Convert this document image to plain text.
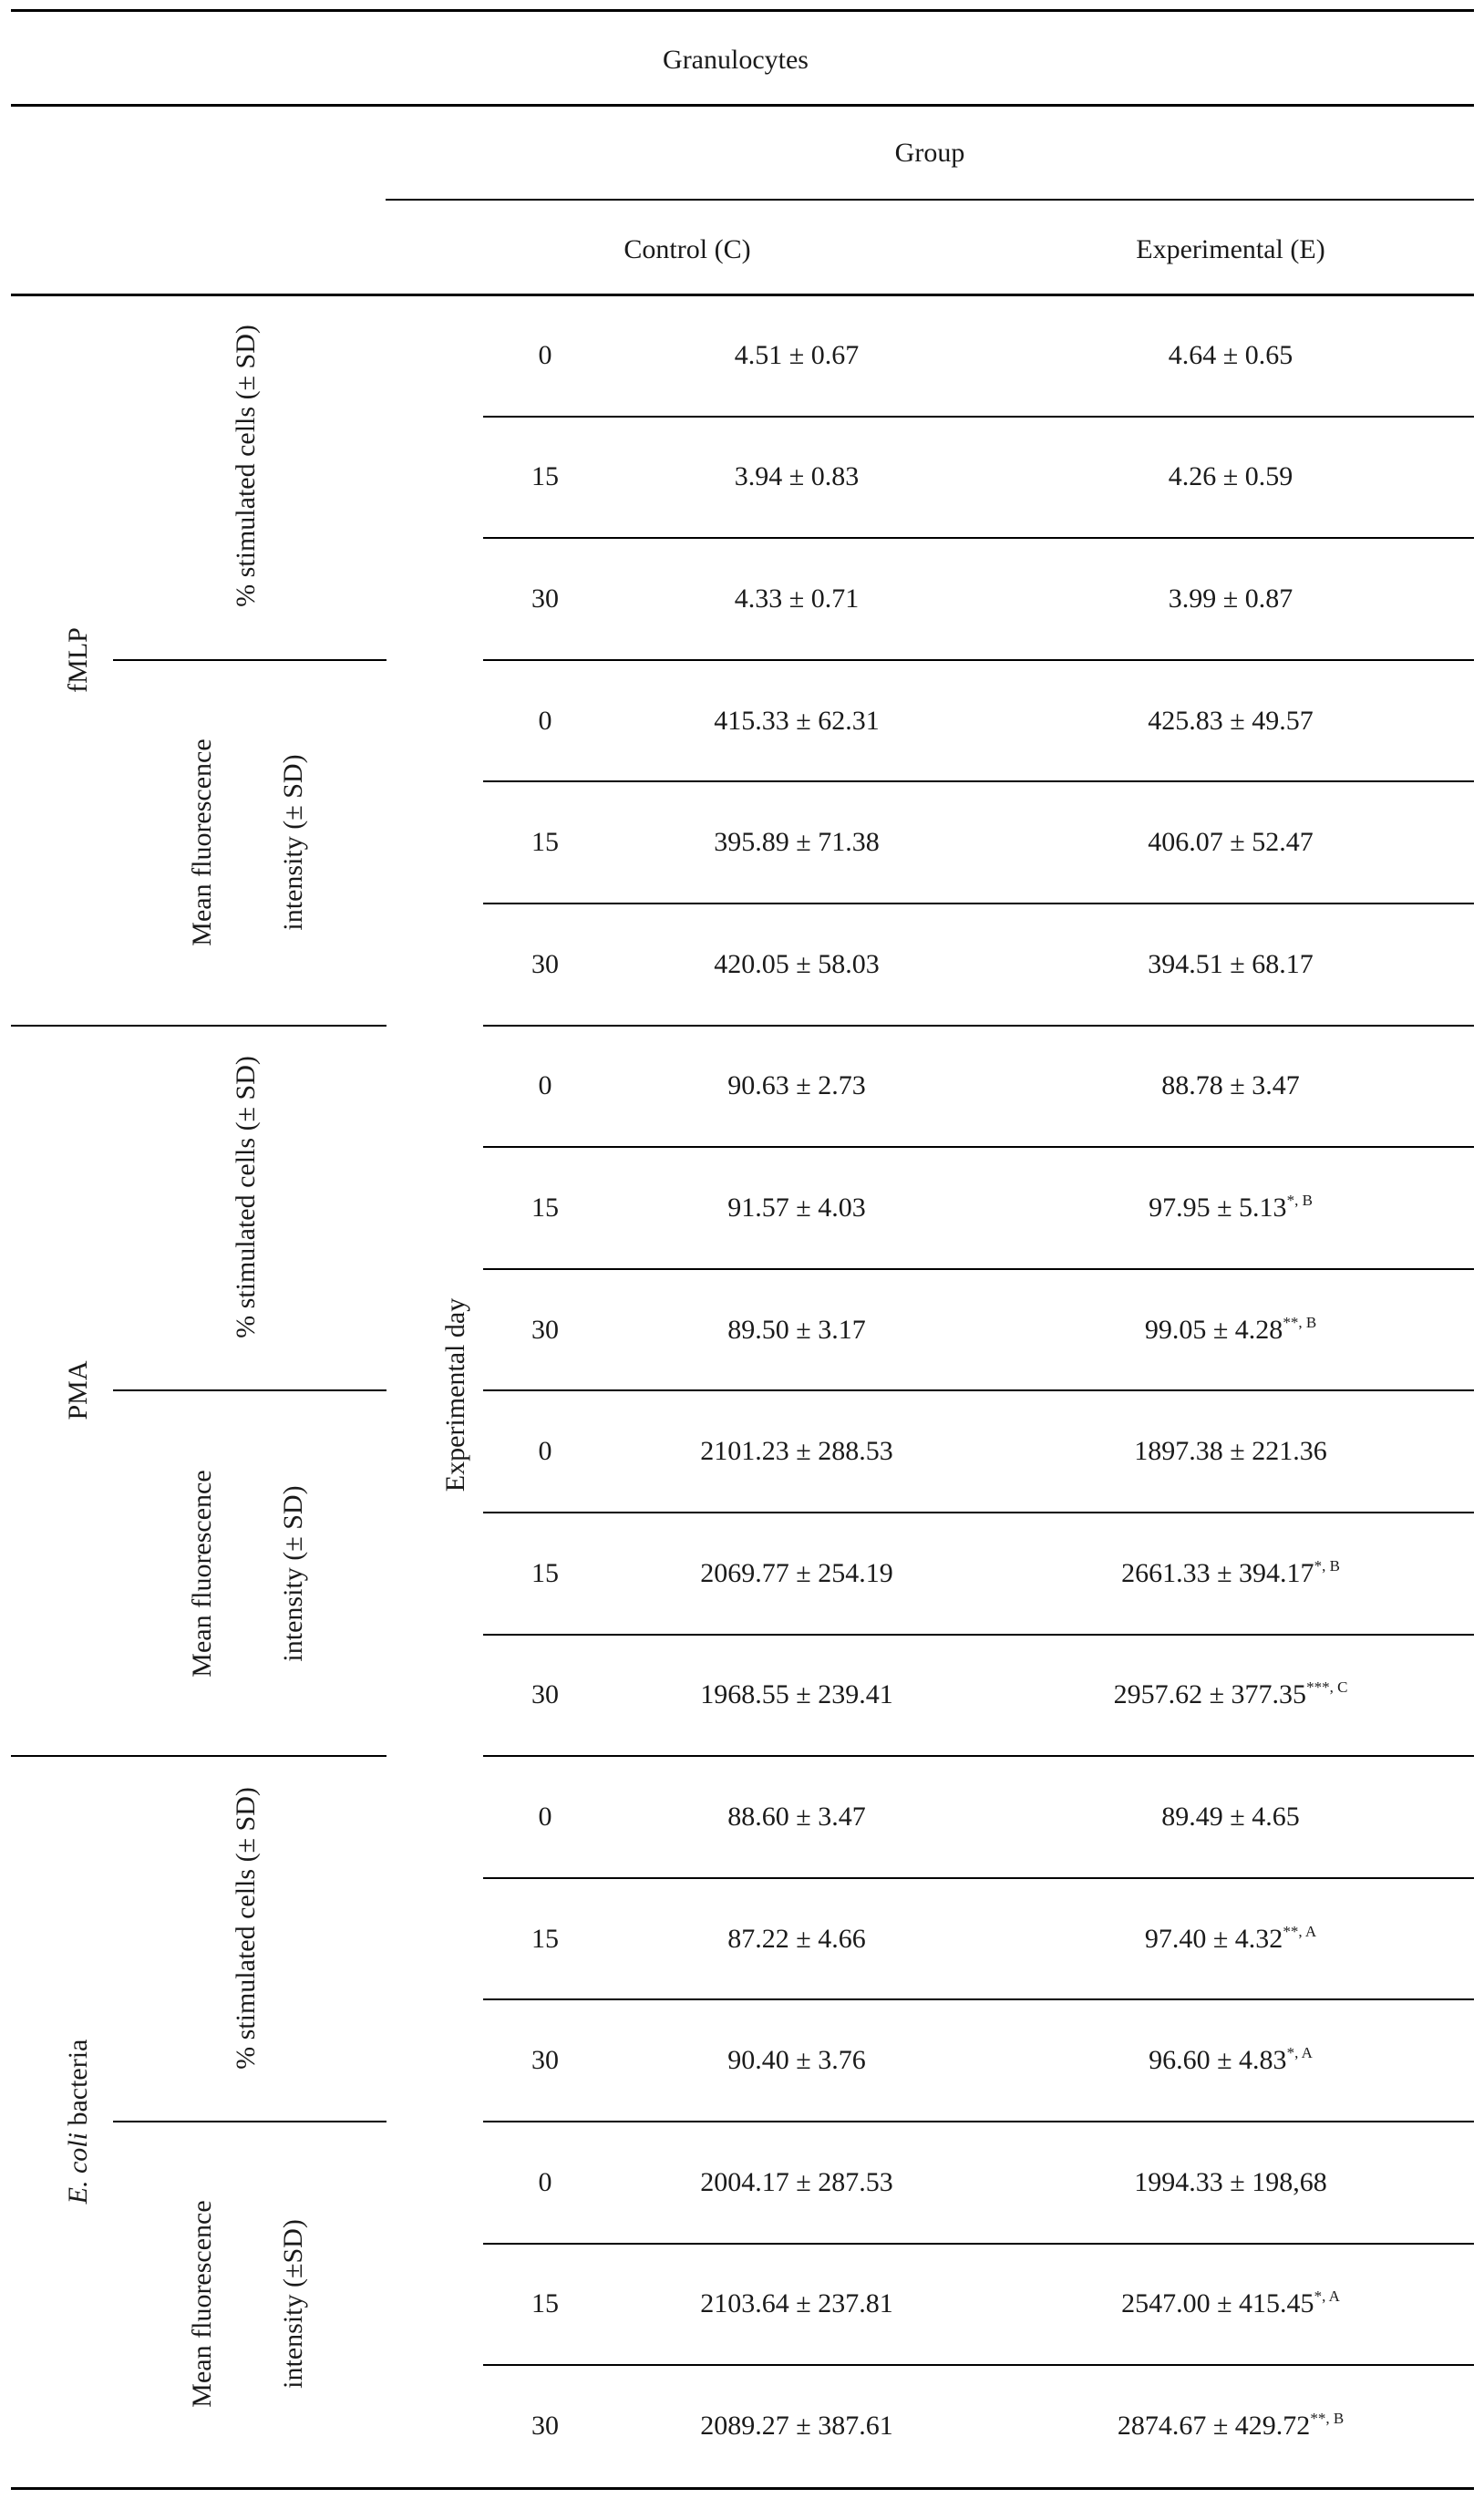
Granulocytes
Group
Control (C)	Experimental (E)
Experimental day
fMLP
% stimulated cells (± SD)	0	4.51 ± 0.67	4.64 ± 0.65
15	3.94 ± 0.83	4.26 ± 0.59
30	4.33 ± 0.71	3.99 ± 0.87
Mean fluorescence intensity (± SD)
0	415.33 ± 62.31	425.83 ± 49.57
15	395.89 ± 71.38	406.07 ± 52.47
30	420.05 ± 58.03	394.51 ± 68.17
PMA
% stimulated cells (± SD)	0	90.63 ± 2.73	88.78 ± 3.47
15	91.57 ± 4.03	$97.95 \pm 5.13^{*, B}$
30	89.50 ± 3.17	$99.05 \pm 4.28^{**, B}$
Mean fluorescence intensity (± SD)
0	2101.23 ± 288.53	1897.38 ± 221.36
15	2069.77 ± 254.19	$2661.33 \pm 394.17^{*, B}$
30	1968.55 ± 239.41	$2957.62 \pm 377.35^{***, C}$
E. coli bacteria
% stimulated cells (± SD)	0	88.60 ± 3.47	89.49 ± 4.65
15	87.22 ± 4.66	$97.40 \pm 4.32^{**, A}$
30	90.40 ± 3.76	$96.60 \pm 4.83^{*, A}$
Mean fluorescence intensity (±SD)
0	2004.17 ± 287.53	1994.33 ± 198,68
15	2103.64 ± 237.81	$2547.00 \pm 415.45^{*, A}$
30	2089.27 ± 387.61	$2874.67 \pm 429.72^{**, B}$
